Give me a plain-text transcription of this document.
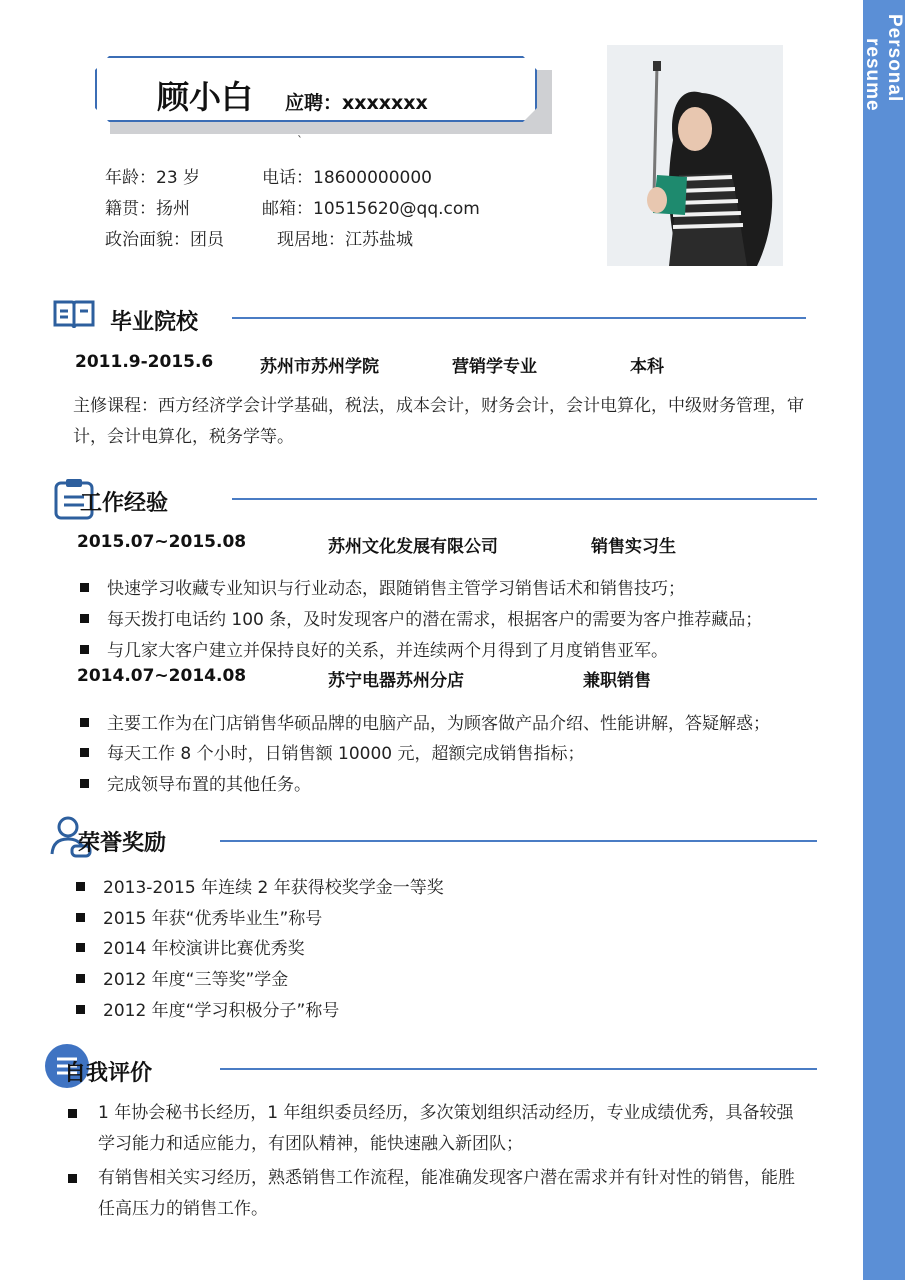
Personal
resume
顾小白 应聘：xxxxxxx
`
年龄：23 岁	电话：18600000000
籍贯：扬州	邮箱：10515620@qq.com
政治面貌：团员	现居地：江苏盐城
毕业院校
2011.9-2015.6	苏州市苏州学院	营销学专业	本科
主修课程：西方经济学会计学基础，税法，成本会计，财务会计，会计电算化，中级财务管理，审计，会计电算化，税务学等。
工作经验
2015.07~2015.08	苏州文化发展有限公司	销售实习生
快速学习收藏专业知识与行业动态，跟随销售主管学习销售话术和销售技巧；
每天拨打电话约 100 条，及时发现客户的潜在需求，根据客户的需要为客户推荐藏品；
与几家大客户建立并保持良好的关系，并连续两个月得到了月度销售亚军。
2014.07~2014.08	苏宁电器苏州分店	兼职销售
主要工作为在门店销售华硕品牌的电脑产品，为顾客做产品介绍、性能讲解，答疑解惑；
每天工作 8 个小时，日销售额 10000 元，超额完成销售指标；
完成领导布置的其他任务。
荣誉奖励
2013-2015 年连续 2 年获得校奖学金一等奖
2015 年获“优秀毕业生”称号
2014 年校演讲比赛优秀奖
2012 年度“三等奖”学金
2012 年度“学习积极分子”称号
自我评价
1 年协会秘书长经历，1 年组织委员经历，多次策划组织活动经历，专业成绩优秀，具备较强学习能力和适应能力，有团队精神，能快速融入新团队；
有销售相关实习经历，熟悉销售工作流程，能准确发现客户潜在需求并有针对性的销售，能胜任高压力的销售工作。
